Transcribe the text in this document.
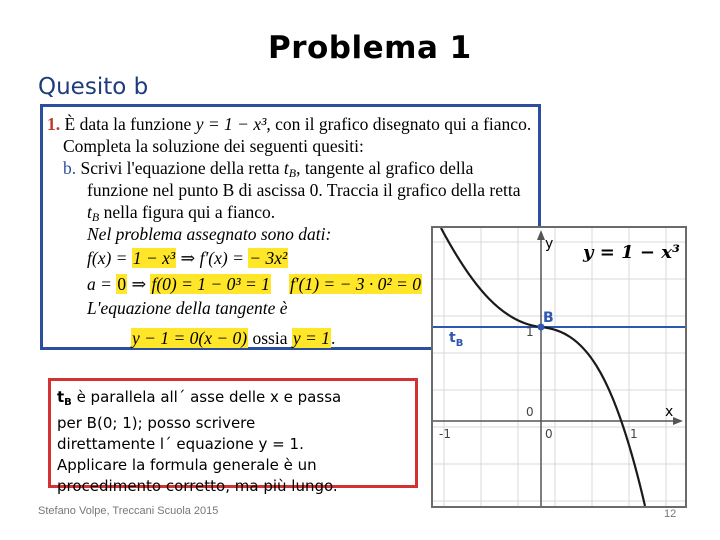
Problema 1
Quesito b
1. È data la funzione y = 1 − x³, con il grafico disegnato qui a fianco.
Completa la soluzione dei seguenti quesiti:
b. Scrivi l'equazione della retta $t_B$, tangente al grafico della
funzione nel punto B di ascissa 0. Traccia il grafico della retta
$t_B$ nella figura qui a fianco.
Nel problema assegnato sono dati:
f(x) = 1 − x³ ⇒ f′(x) = − 3x²
a = 0 ⇒ f(0) = 1 − 0³ = 1 f′(1) = − 3 · 0² = 0
L'equazione della tangente è
y − 1 = 0(x − 0) ossia y = 1.
y = 1 − x³
y
x
B
$t_B$
1
0
-1	0	1
$t_B$ è parallela all´ asse delle x e passa
per B(0; 1); posso scrivere
direttamente l´ equazione y = 1.
Applicare la formula generale è un
procedimento corretto, ma più lungo.
Stefano Volpe, Treccani Scuola 2015	12
